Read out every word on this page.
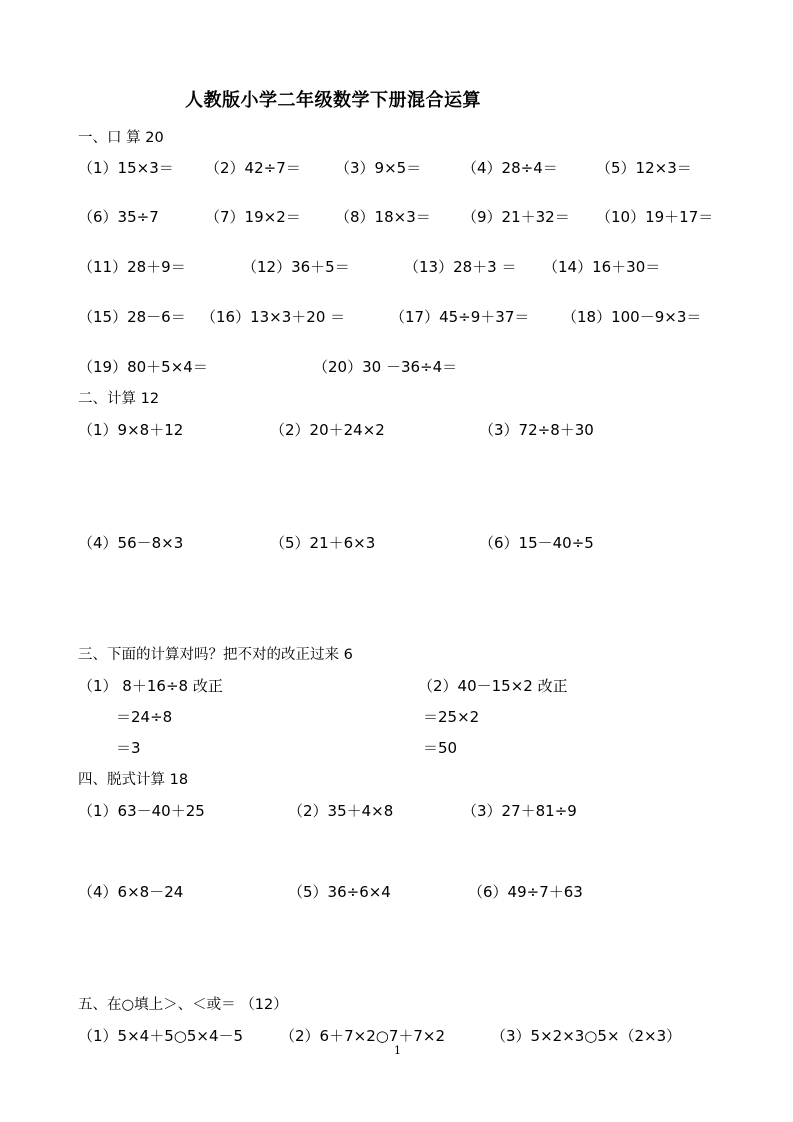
人教版小学二年级数学下册混合运算
一、口 算 20
（1）15×3＝ （2）42÷7＝ （3）9×5＝	（4）28÷4＝	（5）12×3＝
（6）35÷7	（7）19×2＝ （8）18×3＝ （9）21＋32＝ （10）19＋17＝
（11）28＋9＝	（12）36＋5＝	（13）28＋3 ＝ （14）16＋30＝
（15）28－6＝ （16）13×3＋20 ＝	（17）45÷9＋37＝ （18）100－9×3＝
（19）80＋5×4＝	（20）30 －36÷4＝
二、计算 12
（1）9×8＋12	（2）20＋24×2	（3）72÷8＋30
（4）56－8×3	（5）21＋6×3	（6）15－40÷5
三、下面的计算对吗？把不对的改正过来 6
（1） 8＋16÷8 改正
＝24÷8
＝3
（2）40－15×2 改正
＝25×2
＝50
四、脱式计算 18
（1）63－40＋25	（2）35＋4×8	（3）27＋81÷9
（4）6×8－24	（5）36÷6×4	（6）49÷7＋63
五、在○填上＞、＜或＝ （12）
（1）5×4＋5○5×4－5 （2）6＋7×2○7＋7×2	（3）5×2×3○5×（2×3）
1
